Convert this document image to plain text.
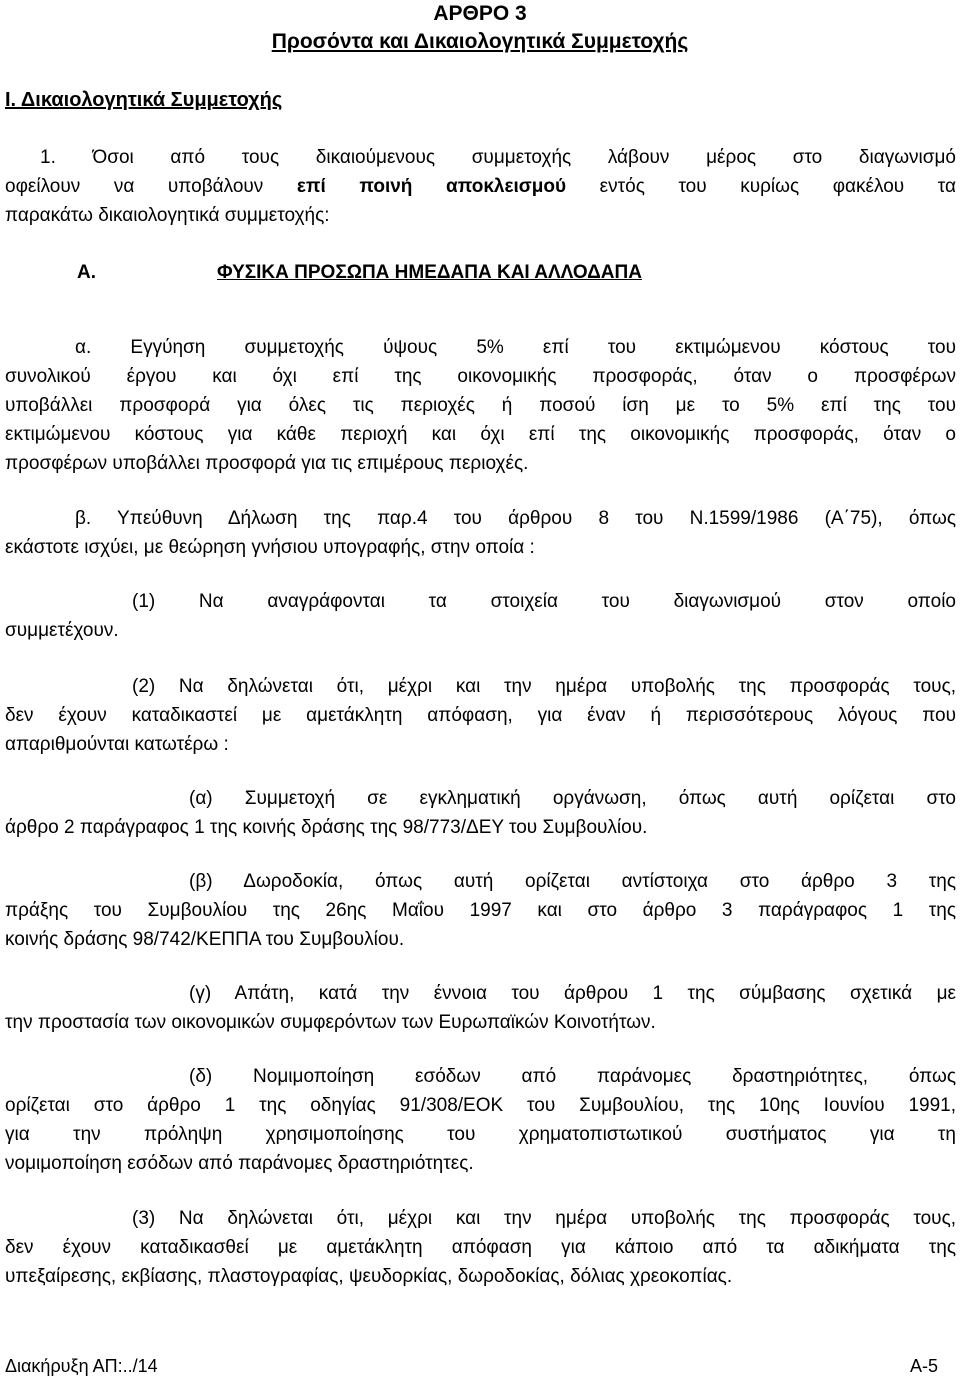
ΑΡΘΡΟ 3
Προσόντα και Δικαιολογητικά Συμμετοχής
Ι. Δικαιολογητικά Συμμετοχής
1. Όσοι από τους δικαιούμενους συμμετοχής λάβουν μέρος στο διαγωνισμό
οφείλουν να υποβάλουν επί ποινή αποκλεισμού εντός του κυρίως φακέλου τα
παρακάτω δικαιολογητικά συμμετοχής:
Α.	ΦΥΣΙΚΑ ΠΡΟΣΩΠΑ ΗΜΕΔΑΠΑ ΚΑΙ ΑΛΛΟΔΑΠΑ
α. Εγγύηση συμμετοχής ύψους 5% επί του εκτιμώμενου κόστους του
συνολικού έργου και όχι επί της οικονομικής προσφοράς, όταν ο προσφέρων
υποβάλλει προσφορά για όλες τις περιοχές ή ποσού ίση με το 5% επί της του
εκτιμώμενου κόστους για κάθε περιοχή και όχι επί της οικονομικής προσφοράς, όταν ο
προσφέρων υποβάλλει προσφορά για τις επιμέρους περιοχές.
β. Υπεύθυνη Δήλωση της παρ.4 του άρθρου 8 του Ν.1599/1986 (Α΄75), όπως
εκάστοτε ισχύει, με θεώρηση γνήσιου υπογραφής, στην οποία :
(1) Να αναγράφονται τα στοιχεία του διαγωνισμού στον οποίο
συμμετέχουν.
(2) Να δηλώνεται ότι, μέχρι και την ημέρα υποβολής της προσφοράς τους,
δεν έχουν καταδικαστεί με αμετάκλητη απόφαση, για έναν ή περισσότερους λόγους που
απαριθμούνται κατωτέρω :
(α) Συμμετοχή σε εγκληματική οργάνωση, όπως αυτή ορίζεται στο
άρθρο 2 παράγραφος 1 της κοινής δράσης της 98/773/ΔΕΥ του Συμβουλίου.
(β) Δωροδοκία, όπως αυτή ορίζεται αντίστοιχα στο άρθρο 3 της
πράξης του Συμβουλίου της 26ης Μαΐου 1997 και στο άρθρο 3 παράγραφος 1 της
κοινής δράσης 98/742/ΚΕΠΠΑ του Συμβουλίου.
(γ) Απάτη, κατά την έννοια του άρθρου 1 της σύμβασης σχετικά με
την προστασία των οικονομικών συμφερόντων των Ευρωπαϊκών Κοινοτήτων.
(δ) Νομιμοποίηση εσόδων από παράνομες δραστηριότητες, όπως
ορίζεται στο άρθρο 1 της οδηγίας 91/308/ΕΟΚ του Συμβουλίου, της 10ης Ιουνίου 1991,
για την πρόληψη χρησιμοποίησης του χρηματοπιστωτικού συστήματος για τη
νομιμοποίηση εσόδων από παράνομες δραστηριότητες.
(3) Να δηλώνεται ότι, μέχρι και την ημέρα υποβολής της προσφοράς τους,
δεν έχουν καταδικασθεί με αμετάκλητη απόφαση για κάποιο από τα αδικήματα της
υπεξαίρεσης, εκβίασης, πλαστογραφίας, ψευδορκίας, δωροδοκίας, δόλιας χρεοκοπίας.
Διακήρυξη ΑΠ:../14	Α-5
